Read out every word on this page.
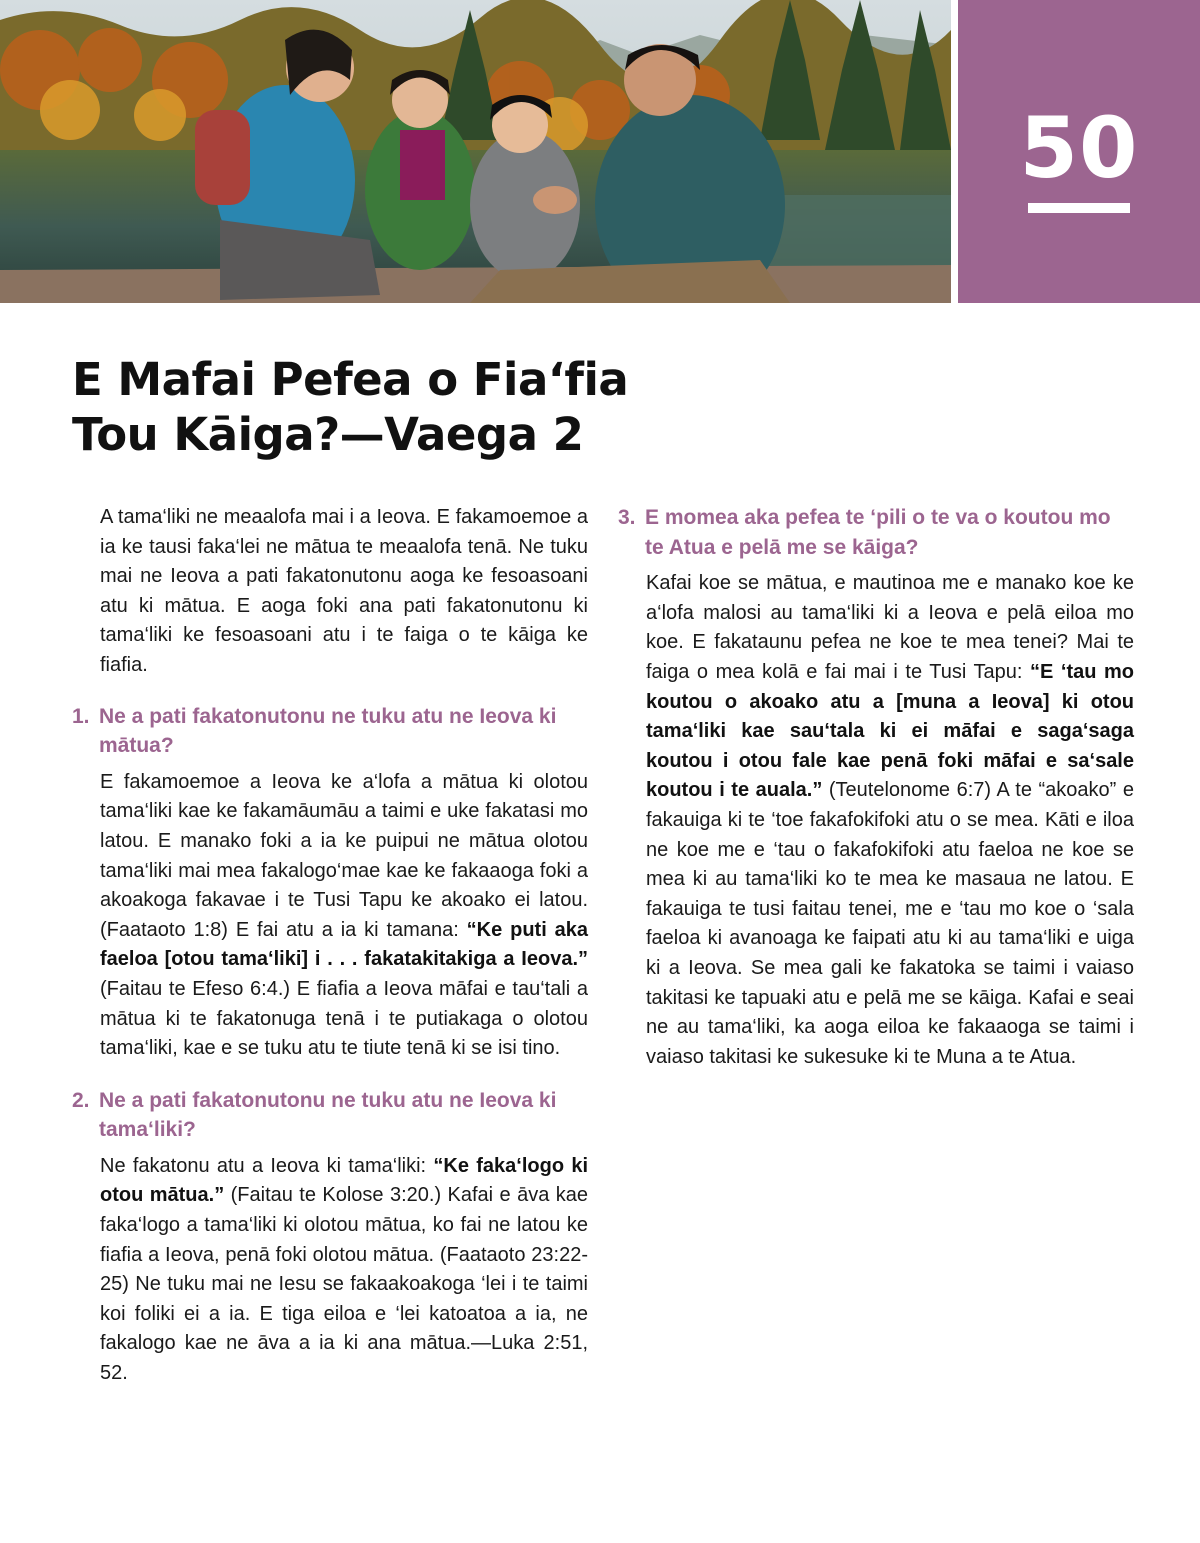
50
E Mafai Pefea o Fia‘fia
Tou Kāiga?—Vaega 2

A tama‘liki ne meaalofa mai i a Ieova. E fakamoemoe a ia ke tausi faka‘lei ne mātua te meaalofa tenā. Ne tuku mai ne Ieova a pati fakatonutonu aoga ke fesoasoani atu ki mātua. E aoga foki ana pati fakatonutonu ki tama‘liki ke fesoasoani atu i te faiga o te kāiga ke fiafia.

1. Ne a pati fakatonutonu ne tuku atu ne Ieova ki mātua?

E fakamoemoe a Ieova ke a‘lofa a mātua ki olotou tama‘liki kae ke fakamāumāu a taimi e uke fakatasi mo latou. E manako foki a ia ke puipui ne mātua olotou tama‘liki mai mea fakalogo‘mae kae ke fakaaoga foki a akoakoga fakavae i te Tusi Tapu ke akoako ei latou. (Faataoto 1:8) E fai atu a ia ki tamana: “Ke puti aka faeloa [otou tama‘liki] i . . . fakatakitakiga a Ieova.” (Faitau te Efeso 6:4.) E fiafia a Ieova māfai e tau‘tali a mātua ki te fakatonuga tenā i te putiakaga o olotou tama‘liki, kae e se tuku atu te tiute tenā ki se isi tino.

2. Ne a pati fakatonutonu ne tuku atu ne Ieova ki tama‘liki?

Ne fakatonu atu a Ieova ki tama‘liki: “Ke faka‘logo ki otou mātua.” (Faitau te Kolose 3:20.) Kafai e āva kae faka‘logo a tama‘liki ki olotou mātua, ko fai ne latou ke fiafia a Ieova, penā foki olotou mātua. (Faataoto 23:22-25) Ne tuku mai ne Iesu se fakaakoakoga ‘lei i te taimi koi foliki ei a ia. E tiga eiloa e ‘lei katoatoa a ia, ne fakalogo kae ne āva a ia ki ana mātua.—Luka 2:51, 52.

3. E momea aka pefea te ‘pili o te va o koutou mo te Atua e pelā me se kāiga?

Kafai koe se mātua, e mautinoa me e manako koe ke a‘lofa malosi au tama‘liki ki a Ieova e pelā eiloa mo koe. E fakataunu pefea ne koe te mea tenei? Mai te faiga o mea kolā e fai mai i te Tusi Tapu: “E ‘tau mo koutou o akoako atu a [muna a Ieova] ki otou tama‘liki kae sau‘tala ki ei māfai e saga‘saga koutou i otou fale kae penā foki māfai e sa‘sale koutou i te auala.” (Teutelonome 6:7) A te “akoako” e fakauiga ki te ‘toe fakafokifoki atu o se mea. Kāti e iloa ne koe me e ‘tau o fakafokifoki atu faeloa ne koe se mea ki au tama‘liki ko te mea ke masaua ne latou. E fakauiga te tusi faitau tenei, me e ‘tau mo koe o ‘sala faeloa ki avanoaga ke faipati atu ki au tama‘liki e uiga ki a Ieova. Se mea gali ke fakatoka se taimi i vaiaso takitasi ke tapuaki atu e pelā me se kāiga. Kafai e seai ne au tama‘liki, ka aoga eiloa ke fakaaoga se taimi i vaiaso takitasi ke sukesuke ki te Muna a te Atua.
